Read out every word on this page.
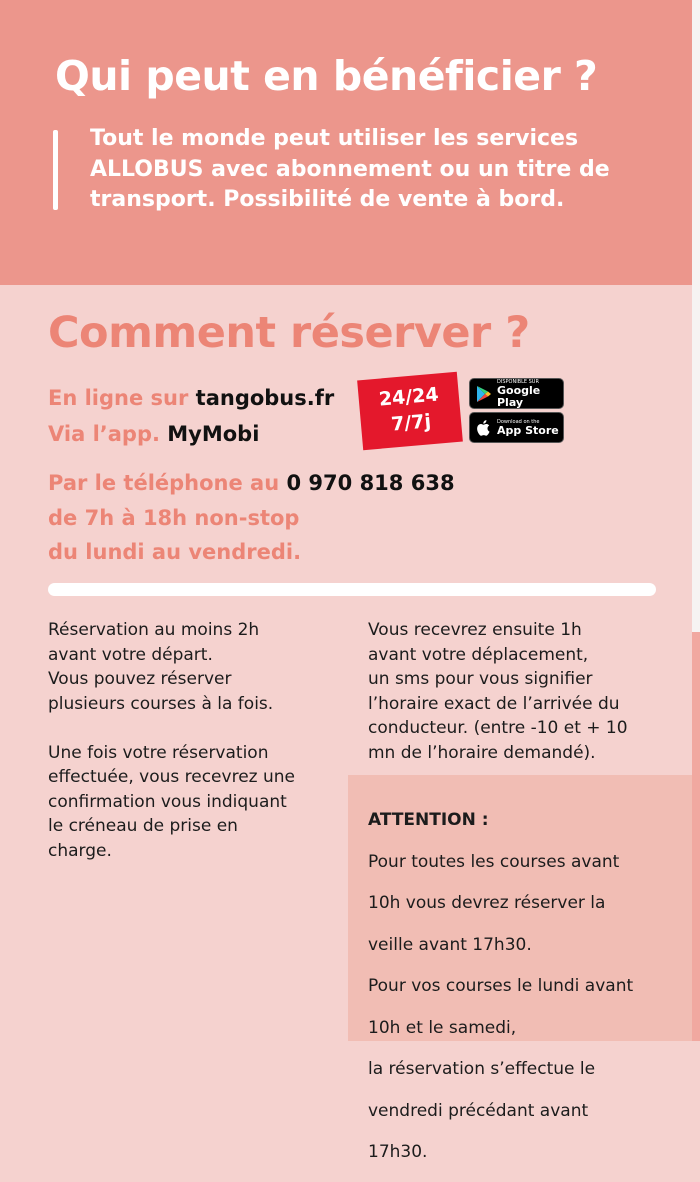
Qui peut en bénéficier ?
Tout le monde peut utiliser les services ALLOBUS avec abonnement ou un titre de transport. Possibilité de vente à bord.
Comment réserver ?
En ligne sur tangobus.fr
Via l’app. MyMobi
24/24
7/7j
DISPONIBLE SUR
Google Play
Download on the
App Store
Par le téléphone au 0 970 818 638
de 7h à 18h non-stop
du lundi au vendredi.

Réservation au moins 2h

avant votre départ.

Vous pouvez réserver

plusieurs courses à la fois.

Une fois votre réservation

effectuée, vous recevrez une

confirmation vous indiquant

le créneau de prise en

charge.

Vous recevrez ensuite 1h

avant votre déplacement,

un sms pour vous signifier

l’horaire exact de l’arrivée du

conducteur. (entre -10 et + 10

mn de l’horaire demandé).

ATTENTION :

Pour toutes les courses avant

10h vous devrez réserver la

veille avant 17h30.

Pour vos courses le lundi avant

10h et le samedi,

la réservation s’effectue le

vendredi précédant avant

17h30.
